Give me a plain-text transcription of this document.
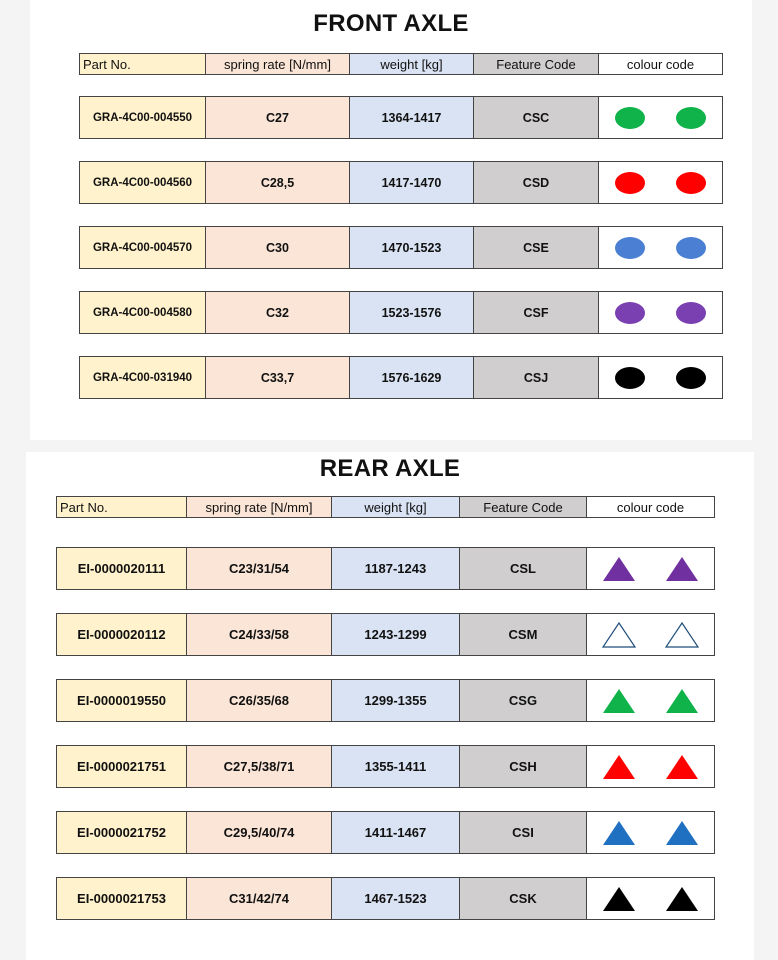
FRONT AXLE
Part No.	spring rate [N/mm]	weight [kg]	Feature Code	colour code
GRA-4C00-004550	C27	1364-1417	CSC
GRA-4C00-004560	C28,5	1417-1470	CSD
GRA-4C00-004570	C30	1470-1523	CSE
GRA-4C00-004580	C32	1523-1576	CSF
GRA-4C00-031940	C33,7	1576-1629	CSJ
REAR AXLE
Part No.	spring rate [N/mm]	weight [kg]	Feature Code	colour code
EI-0000020111	C23/31/54	1187-1243	CSL
EI-0000020112	C24/33/58	1243-1299	CSM
EI-0000019550	C26/35/68	1299-1355	CSG
EI-0000021751	C27,5/38/71	1355-1411	CSH
EI-0000021752	C29,5/40/74	1411-1467	CSI
EI-0000021753	C31/42/74	1467-1523	CSK
